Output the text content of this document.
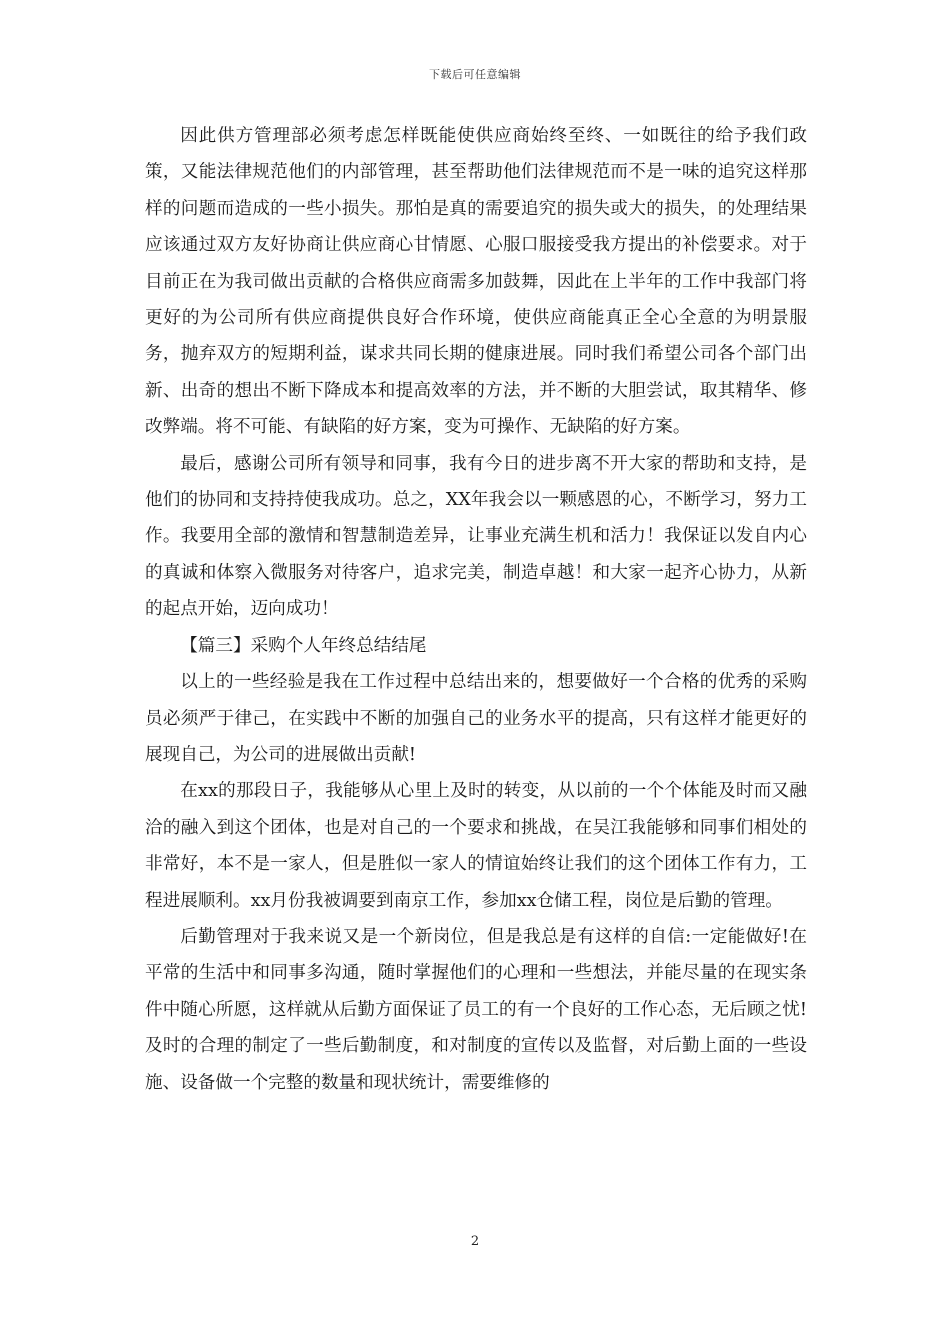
下载后可任意编辑

因此供方管理部必须考虑怎样既能使供应商始终至终、一如既往的给予我们政策，又能法律规范他们的内部管理，甚至帮助他们法律规范而不是一味的追究这样那样的问题而造成的一些小损失。那怕是真的需要追究的损失或大的损失，的处理结果应该通过双方友好协商让供应商心甘情愿、心服口服接受我方提出的补偿要求。对于目前正在为我司做出贡献的合格供应商需多加鼓舞，因此在上半年的工作中我部门将更好的为公司所有供应商提供良好合作环境，使供应商能真正全心全意的为明景服务，抛弃双方的短期利益，谋求共同长期的健康进展。同时我们希望公司各个部门出新、出奇的想出不断下降成本和提高效率的方法，并不断的大胆尝试，取其精华、修改弊端。将不可能、有缺陷的好方案，变为可操作、无缺陷的好方案。

最后，感谢公司所有领导和同事，我有今日的进步离不开大家的帮助和支持，是他们的协同和支持持使我成功。总之，XX年我会以一颗感恩的心，不断学习，努力工作。我要用全部的激情和智慧制造差异，让事业充满生机和活力！我保证以发自内心的真诚和体察入微服务对待客户，追求完美，制造卓越！和大家一起齐心协力，从新的起点开始，迈向成功！

【篇三】采购个人年终总结结尾

以上的一些经验是我在工作过程中总结出来的，想要做好一个合格的优秀的采购员必须严于律己，在实践中不断的加强自己的业务水平的提高，只有这样才能更好的展现自己，为公司的进展做出贡献!

在xx的那段日子，我能够从心里上及时的转变，从以前的一个个体能及时而又融洽的融入到这个团体，也是对自己的一个要求和挑战，在吴江我能够和同事们相处的非常好，本不是一家人，但是胜似一家人的情谊始终让我们的这个团体工作有力，工程进展顺利。xx月份我被调要到南京工作，参加xx仓储工程，岗位是后勤的管理。

后勤管理对于我来说又是一个新岗位，但是我总是有这样的自信:一定能做好!在平常的生活中和同事多沟通，随时掌握他们的心理和一些想法，并能尽量的在现实条件中随心所愿，这样就从后勤方面保证了员工的有一个良好的工作心态，无后顾之忧!及时的合理的制定了一些后勤制度，和对制度的宣传以及监督，对后勤上面的一些设施、设备做一个完整的数量和现状统计，需要维修的

2
